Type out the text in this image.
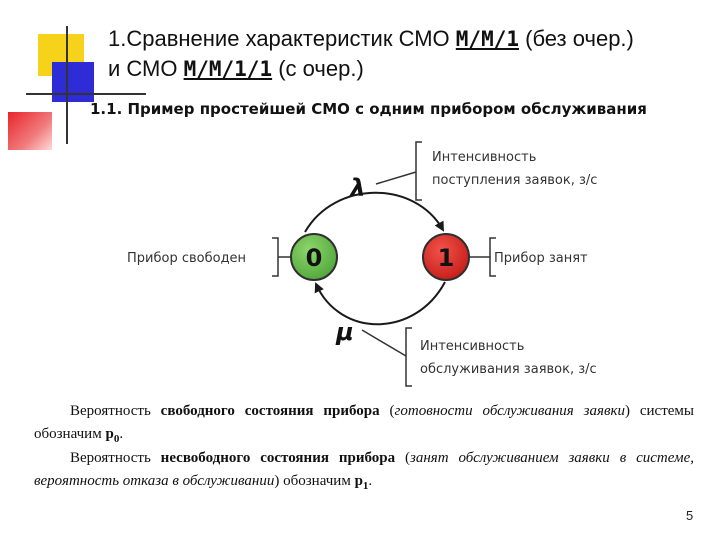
1.Сравнение характеристик СМО M/M/1 (без очер.)
и СМО M/M/1/1 (с очер.)
1.1. Пример простейшей СМО с одним прибором обслуживания
0	1
λ
μ
Прибор свободен	Прибор занят
Интенсивность
поступления заявок, з/с
Интенсивность
обслуживания заявок, з/с
Вероятность свободного состояния прибора (готовности обслуживания заявки) системы обозначим $p_0$.
Вероятность несвободного состояния прибора (занят обслуживанием заявки в системе, вероятность отказа в обслуживании) обозначим $p_1$.
5
